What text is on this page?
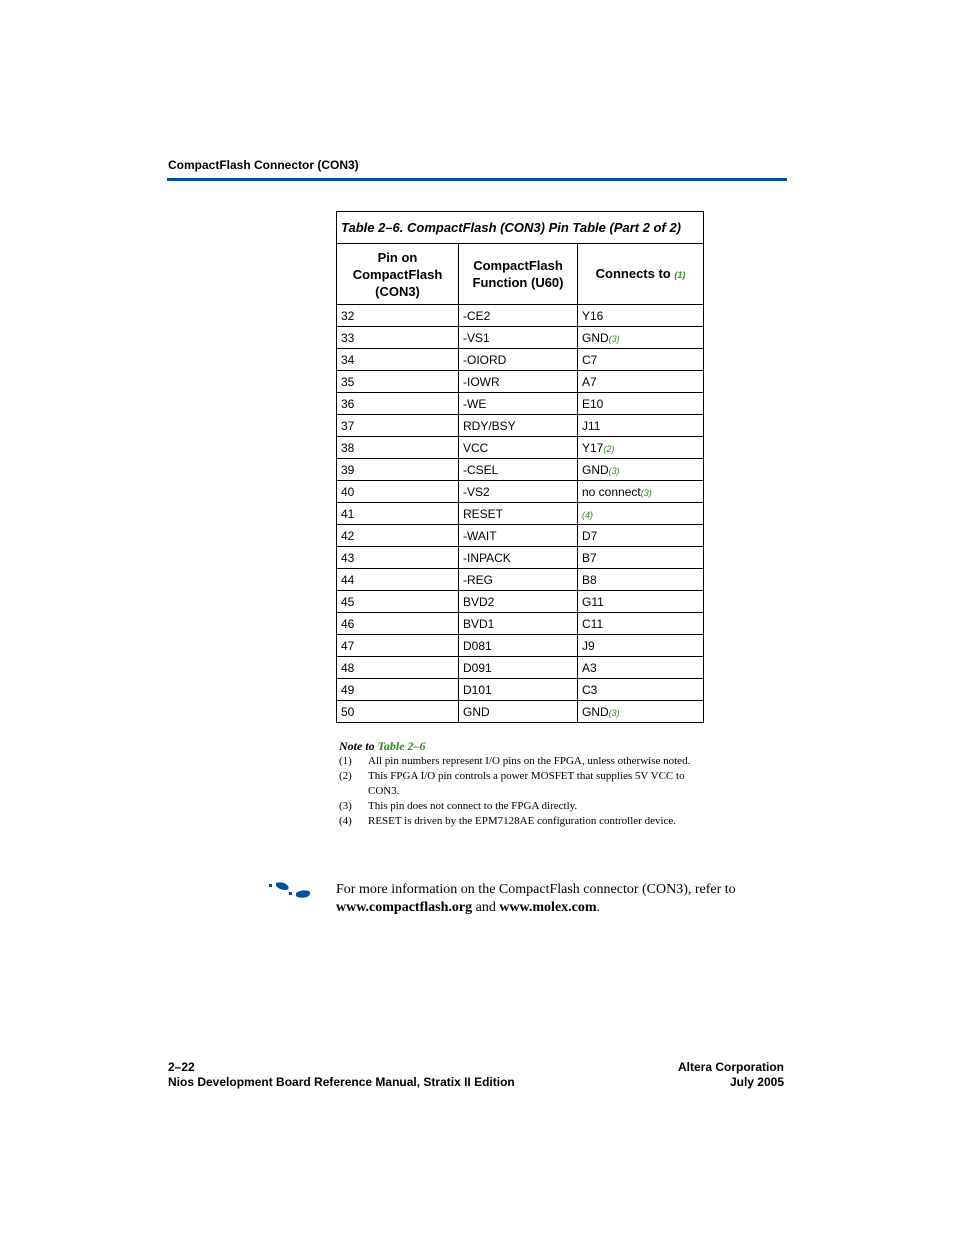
CompactFlash Connector (CON3)
Table 2–6. CompactFlash (CON3) Pin Table (Part 2 of 2)		
Pin on CompactFlash (CON3)	CompactFlash Function (U60)	Connects to (1)
32	-CE2	Y16
33	-VS1	GND(3)
34	-OIORD	C7
35	-IOWR	A7
36	-WE	E10
37	RDY/BSY	J11
38	VCC	Y17(2)
39	-CSEL	GND(3)
40	-VS2	no connect(3)
41	RESET	(4)
42	-WAIT	D7
43	-INPACK	B7
44	-REG	B8
45	BVD2	G11
46	BVD1	C11
47	D081	J9
48	D091	A3
49	D101	C3
50	GND	GND(3)
Note to Table 2–6
(1)	All pin numbers represent I/O pins on the FPGA, unless otherwise noted.
(2)	This FPGA I/O pin controls a power MOSFET that supplies 5V VCC to CON3.
(3)	This pin does not connect to the FPGA directly.
(4)	RESET is driven by the EPM7128AE configuration controller device.
For more information on the CompactFlash connector (CON3), refer to www.compactflash.org and www.molex.com.
2–22
Nios Development Board Reference Manual, Stratix II Edition
Altera Corporation
July 2005
